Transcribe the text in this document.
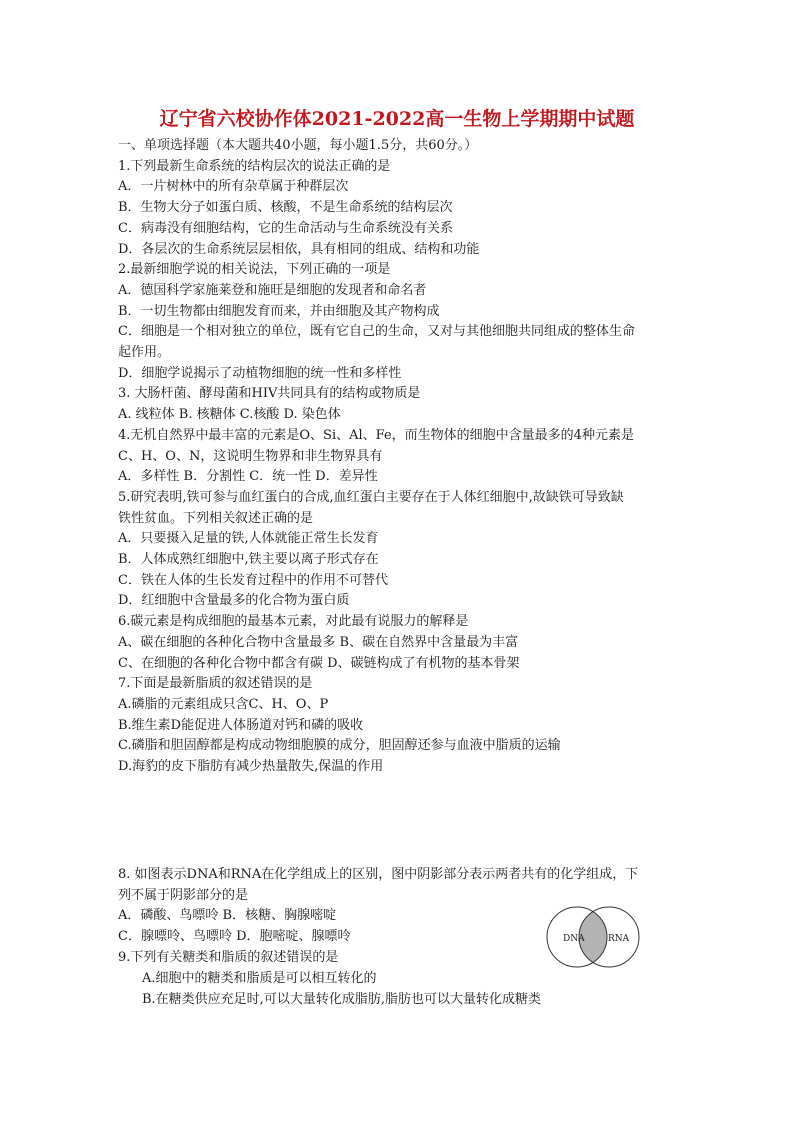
辽宁省六校协作体2021-2022高一生物上学期期中试题
DNA	RNA
一、单项选择题（本大题共40小题，每小题1.5分，共60分。）
1.下列最新生命系统的结构层次的说法正确的是
A．一片树林中的所有杂草属于种群层次
B．生物大分子如蛋白质、核酸，不是生命系统的结构层次
C．病毒没有细胞结构，它的生命活动与生命系统没有关系
D．各层次的生命系统层层相依，具有相同的组成、结构和功能
2.最新细胞学说的相关说法，下列正确的一项是
A．德国科学家施莱登和施旺是细胞的发现者和命名者
B．一切生物都由细胞发育而来，并由细胞及其产物构成
C．细胞是一个相对独立的单位，既有它自己的生命，又对与其他细胞共同组成的整体生命
起作用。
D．细胞学说揭示了动植物细胞的统一性和多样性
3. 大肠杆菌、酵母菌和HIV共同具有的结构或物质是
A. 线粒体 B. 核糖体 C.核酸 D. 染色体
4.无机自然界中最丰富的元素是O、Si、Al、Fe，而生物体的细胞中含量最多的4种元素是
C、H、O、N，这说明生物界和非生物界具有
A．多样性 B．分割性 C．统一性 D．差异性
5.研究表明,铁可参与血红蛋白的合成,血红蛋白主要存在于人体红细胞中,故缺铁可导致缺
铁性贫血。下列相关叙述正确的是
A．只要摄入足量的铁,人体就能正常生长发育
B．人体成熟红细胞中,铁主要以离子形式存在
C．铁在人体的生长发育过程中的作用不可替代
D．红细胞中含量最多的化合物为蛋白质
6.碳元素是构成细胞的最基本元素，对此最有说服力的解释是
A、碳在细胞的各种化合物中含量最多 B、碳在自然界中含量最为丰富
C、在细胞的各种化合物中都含有碳 D、碳链构成了有机物的基本骨架
7.下面是最新脂质的叙述错误的是
A.磷脂的元素组成只含C、H、O、P
B.维生素D能促进人体肠道对钙和磷的吸收
C.磷脂和胆固醇都是构成动物细胞膜的成分，胆固醇还参与血液中脂质的运输
D.海豹的皮下脂肪有减少热量散失,保温的作用
8. 如图表示DNA和RNA在化学组成上的区别，图中阴影部分表示两者共有的化学组成，下
列不属于阴影部分的是
A．磷酸、鸟嘌呤 B．核糖、胸腺嘧啶
C．腺嘌呤、鸟嘌呤 D．胞嘧啶、腺嘌呤
9.下列有关糖类和脂质的叙述错误的是
A.细胞中的糖类和脂质是可以相互转化的
B.在糖类供应充足时,可以大量转化成脂肪,脂肪也可以大量转化成糖类
